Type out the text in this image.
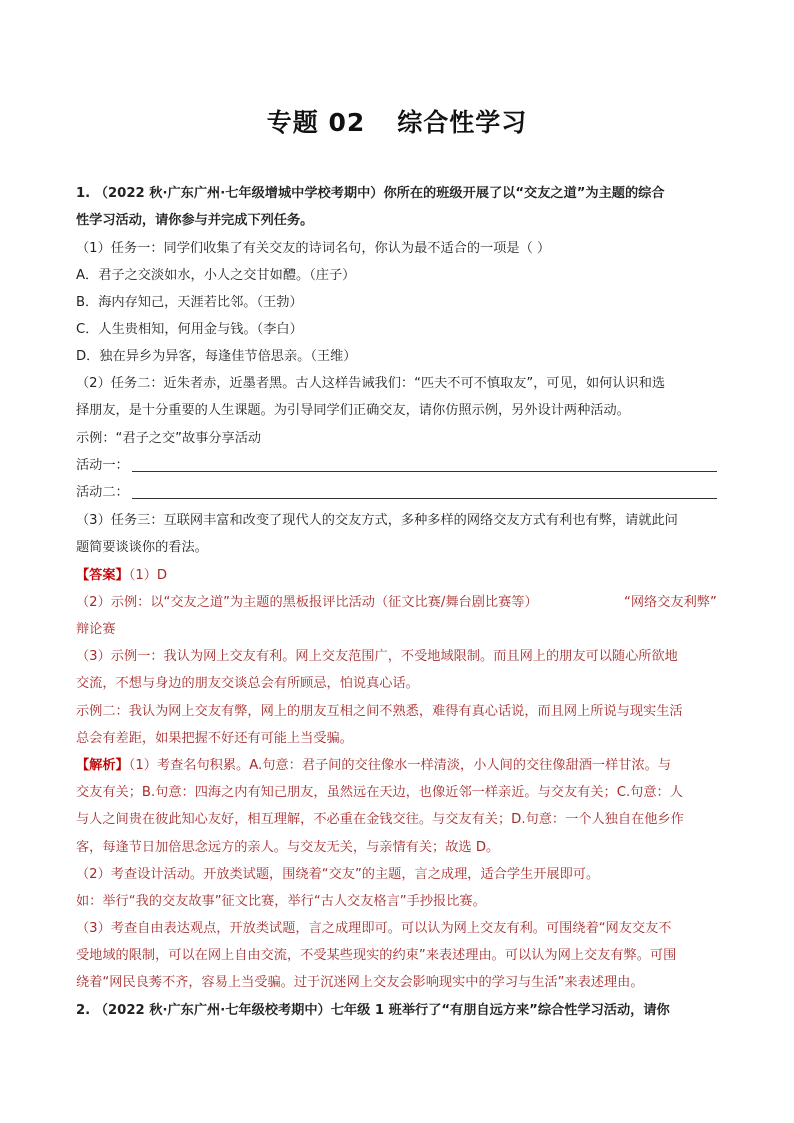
专题 02 综合性学习
1. （2022 秋·广东广州·七年级增城中学校考期中）你所在的班级开展了以“交友之道”为主题的综合
性学习活动，请你参与并完成下列任务。
（1）任务一：同学们收集了有关交友的诗词名句，你认为最不适合的一项是（ ）
A．君子之交淡如水，小人之交甘如醴。（庄子）
B．海内存知己，天涯若比邻。（王勃）
C．人生贵相知，何用金与钱。（李白）
D．独在异乡为异客，每逢佳节倍思亲。（王维）
（2）任务二：近朱者赤，近墨者黑。古人这样告诫我们：“匹夫不可不慎取友”，可见，如何认识和选
择朋友，是十分重要的人生课题。为引导同学们正确交友，请你仿照示例，另外设计两种活动。
示例：“君子之交”故事分享活动
活动一：
活动二：
（3）任务三：互联网丰富和改变了现代人的交友方式，多种多样的网络交友方式有利也有弊，请就此问
题简要谈谈你的看法。
【答案】（1）D
（2）示例：以“交友之道”为主题的黑板报评比活动（征文比赛/舞台剧比赛等）	“网络交友利弊”
辩论赛
（3）示例一：我认为网上交友有利。网上交友范围广，不受地域限制。而且网上的朋友可以随心所欲地
交流，不想与身边的朋友交谈总会有所顾忌，怕说真心话。
示例二：我认为网上交友有弊，网上的朋友互相之间不熟悉，难得有真心话说，而且网上所说与现实生活
总会有差距，如果把握不好还有可能上当受骗。
【解析】（1）考查名句积累。A.句意：君子间的交往像水一样清淡，小人间的交往像甜酒一样甘浓。与
交友有关；B.句意：四海之内有知己朋友，虽然远在天边，也像近邻一样亲近。与交友有关；C.句意：人
与人之间贵在彼此知心友好，相互理解，不必重在金钱交往。与交友有关；D.句意：一个人独自在他乡作
客，每逢节日加倍思念远方的亲人。与交友无关，与亲情有关；故选 D。
（2）考查设计活动。开放类试题，围绕着“交友”的主题，言之成理，适合学生开展即可。
如：举行“我的交友故事”征文比赛，举行“古人交友格言”手抄报比赛。
（3）考查自由表达观点，开放类试题，言之成理即可。可以认为网上交友有利。可围绕着“网友交友不
受地域的限制，可以在网上自由交流，不受某些现实的约束”来表述理由。可以认为网上交友有弊。可围
绕着“网民良莠不齐，容易上当受骗。过于沉迷网上交友会影响现实中的学习与生活”来表述理由。
2. （2022 秋·广东广州·七年级校考期中）七年级 1 班举行了“有朋自远方来”综合性学习活动，请你
